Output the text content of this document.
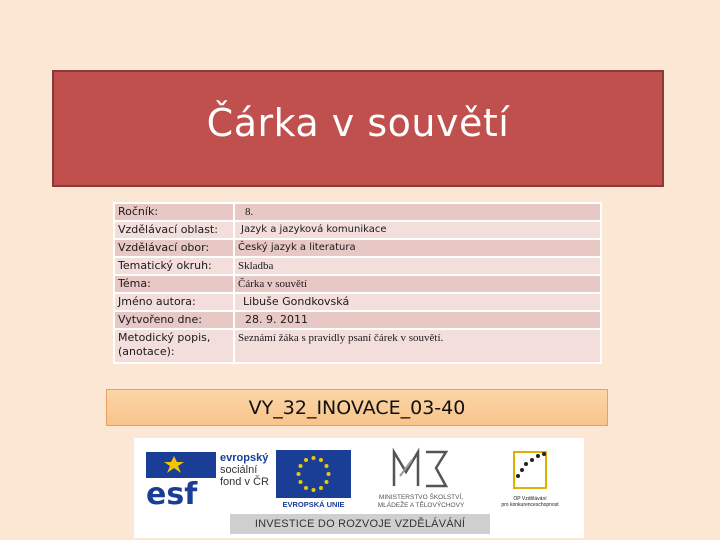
Čárka v souvětí
Ročník:	8.
Vzdělávací oblast:	Jazyk a jazyková komunikace
Vzdělávací obor:	Český jazyk a literatura
Tematický okruh:	Skladba
Téma:	Čárka v souvětí
Jméno autora:	Libuše Gondkovská
Vytvořeno dne:	28. 9. 2011
Metodický popis, (anotace):	Seznámí žáka s pravidly psaní čárek v souvětí.
VY_32_INOVACE_03-40
esf
evropský
sociální
fond v ČR
EVROPSKÁ UNIE
MINISTERSTVO ŠKOLSTVÍ,
MLÁDEŽE A TĚLOVÝCHOVY
OP Vzdělávání
pro konkurenceschopnost
INVESTICE DO ROZVOJE VZDĚLÁVÁNÍ
